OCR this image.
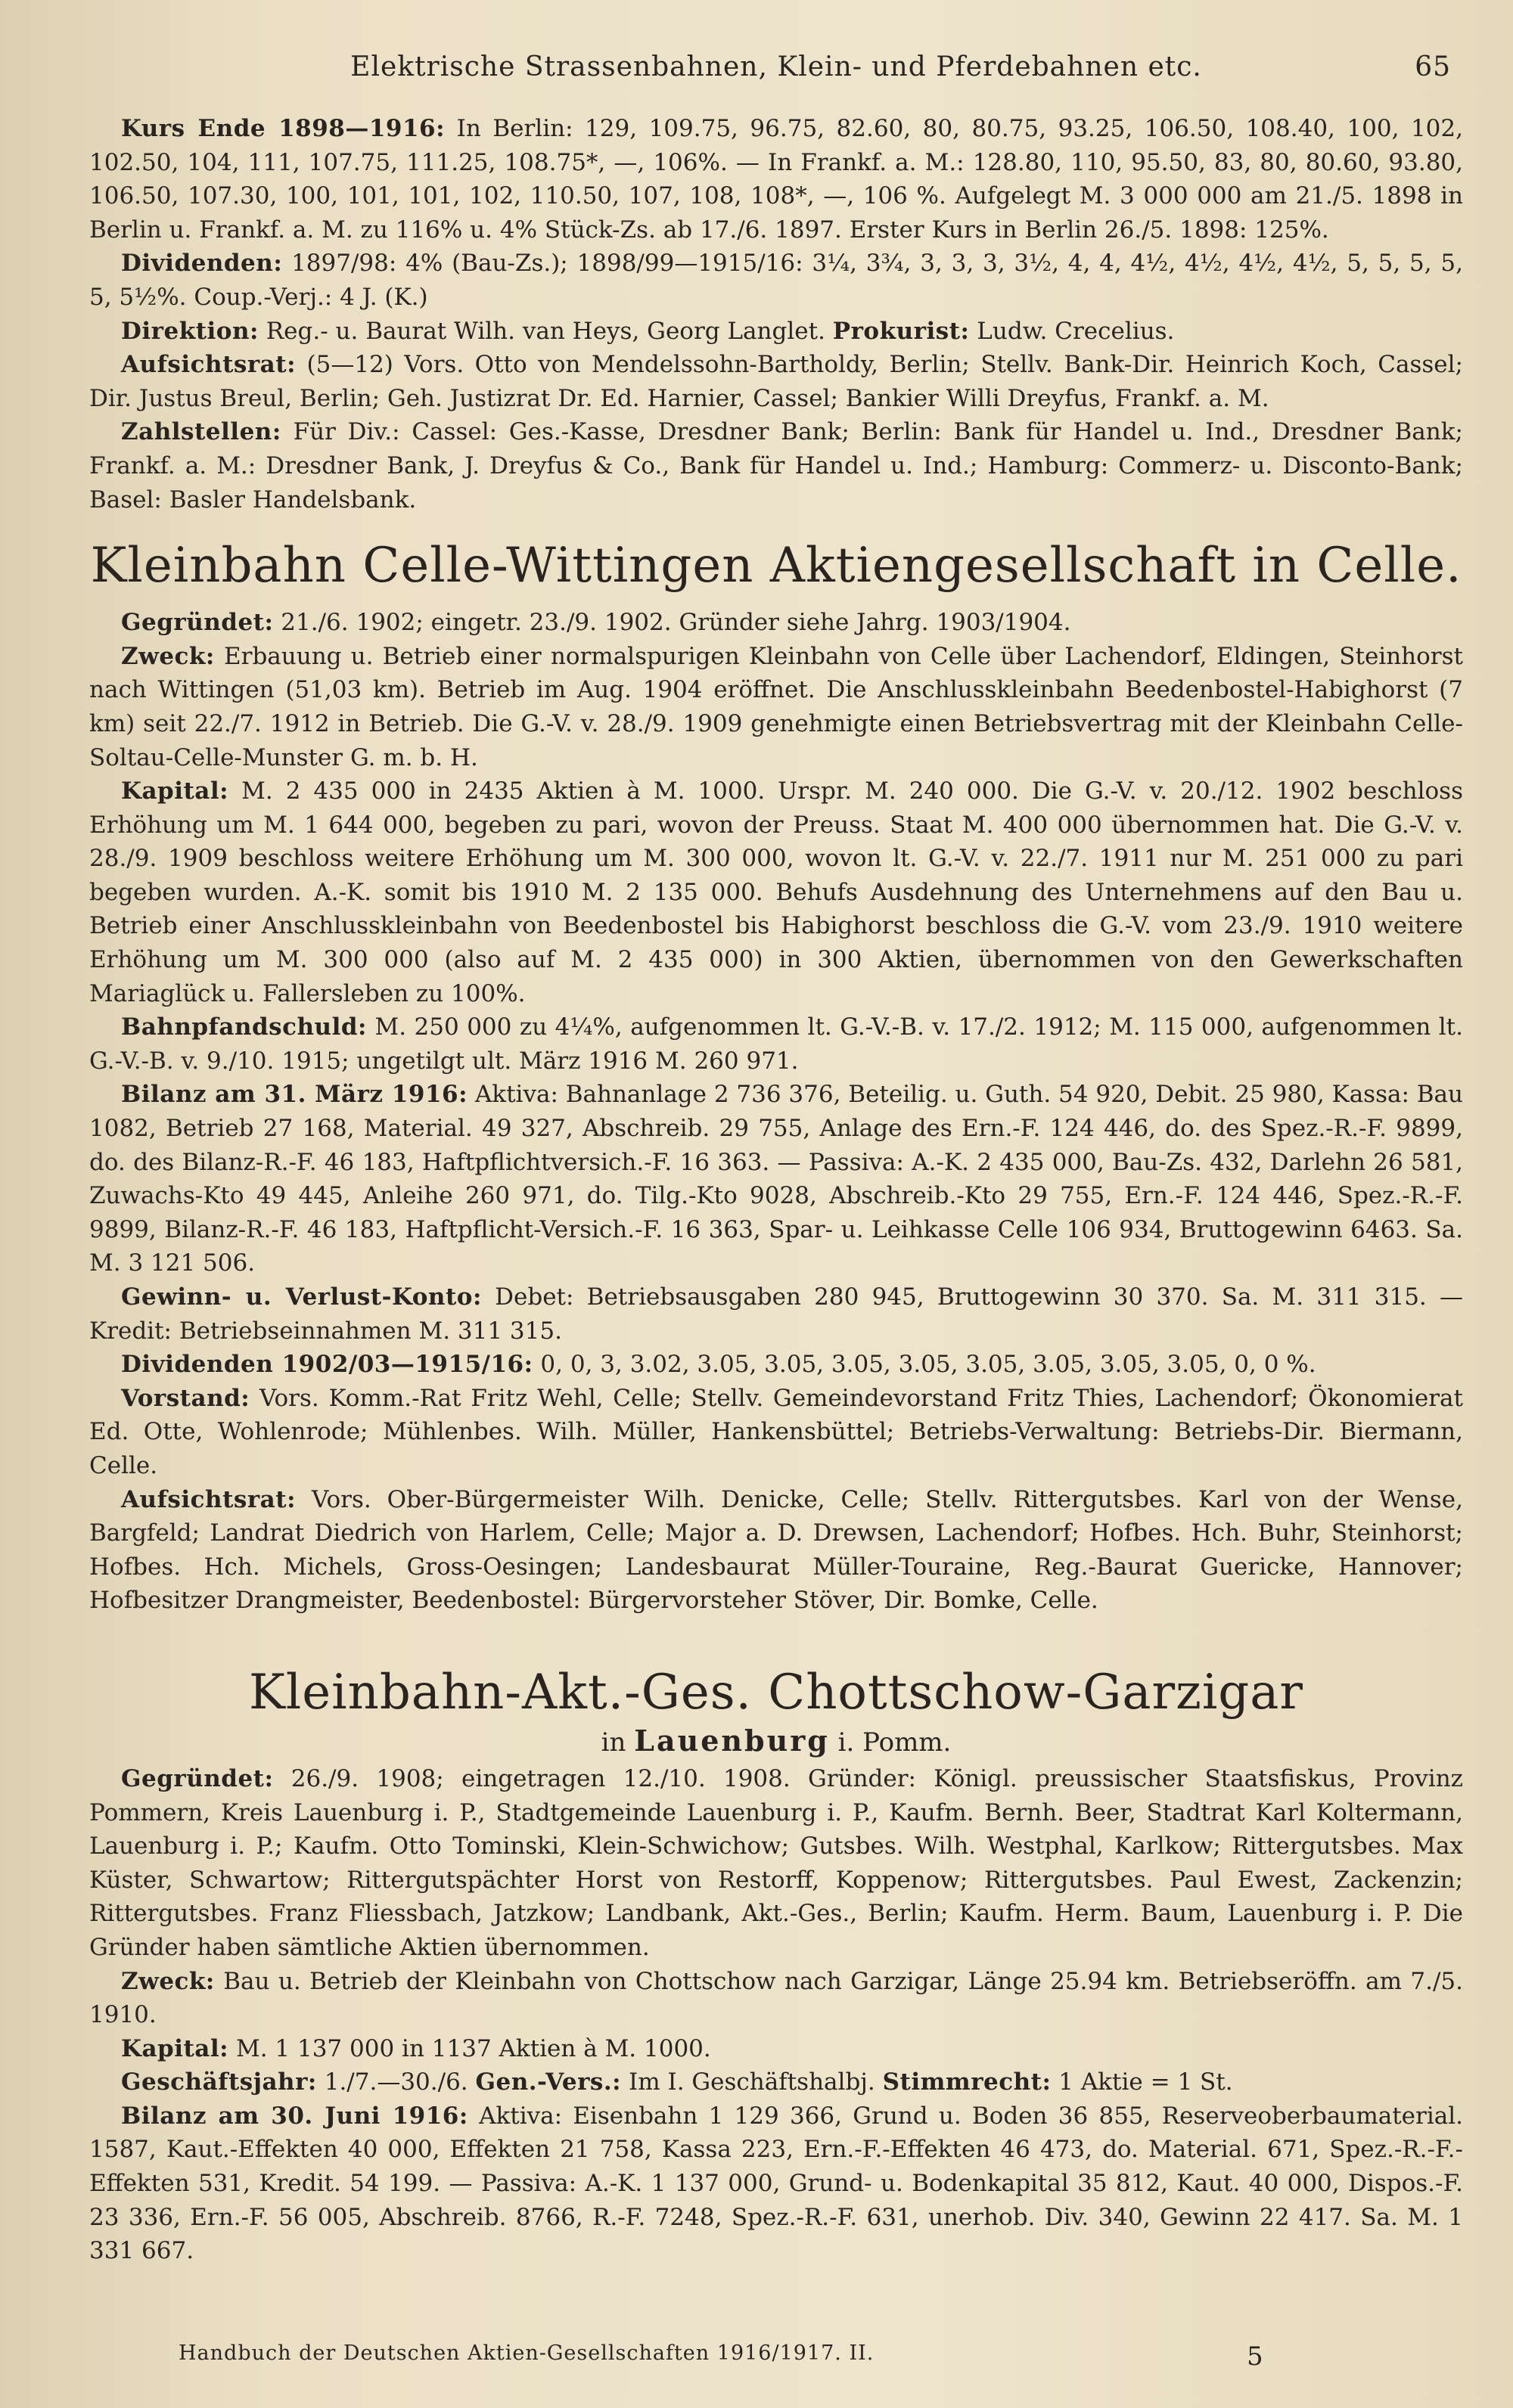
Elektrische Strassenbahnen, Klein- und Pferdebahnen etc.	65

Kurs Ende 1898—1916: In Berlin: 129, 109.75, 96.75, 82.60, 80, 80.75, 93.25, 106.50, 108.40, 100, 102, 102.50, 104, 111, 107.75, 111.25, 108.75*, —, 106%. — In Frankf. a. M.: 128.80, 110, 95.50, 83, 80, 80.60, 93.80, 106.50, 107.30, 100, 101, 101, 102, 110.50, 107, 108, 108*, —, 106 %. Aufgelegt M. 3 000 000 am 21./5. 1898 in Berlin u. Frankf. a. M. zu 116% u. 4% Stück-Zs. ab 17./6. 1897. Erster Kurs in Berlin 26./5. 1898: 125%.

Dividenden: 1897/98: 4% (Bau-Zs.); 1898/99—1915/16: 3¼, 3¾, 3, 3, 3, 3½, 4, 4, 4½, 4½, 4½, 4½, 5, 5, 5, 5, 5, 5½%. Coup.-Verj.: 4 J. (K.)

Direktion: Reg.- u. Baurat Wilh. van Heys, Georg Langlet. Prokurist: Ludw. Crecelius.

Aufsichtsrat: (5—12) Vors. Otto von Mendelssohn-Bartholdy, Berlin; Stellv. Bank-Dir. Heinrich Koch, Cassel; Dir. Justus Breul, Berlin; Geh. Justizrat Dr. Ed. Harnier, Cassel; Bankier Willi Dreyfus, Frankf. a. M.

Zahlstellen: Für Div.: Cassel: Ges.-Kasse, Dresdner Bank; Berlin: Bank für Handel u. Ind., Dresdner Bank; Frankf. a. M.: Dresdner Bank, J. Dreyfus & Co., Bank für Handel u. Ind.; Hamburg: Commerz- u. Disconto-Bank; Basel: Basler Handelsbank.

Kleinbahn Celle-Wittingen Aktiengesellschaft in Celle.

Gegründet: 21./6. 1902; eingetr. 23./9. 1902. Gründer siehe Jahrg. 1903/1904.

Zweck: Erbauung u. Betrieb einer normalspurigen Kleinbahn von Celle über Lachendorf, Eldingen, Steinhorst nach Wittingen (51,03 km). Betrieb im Aug. 1904 eröffnet. Die Anschlusskleinbahn Beedenbostel-Habighorst (7 km) seit 22./7. 1912 in Betrieb. Die G.-V. v. 28./9. 1909 genehmigte einen Betriebsvertrag mit der Kleinbahn Celle-Soltau-Celle-Munster G. m. b. H.

Kapital: M. 2 435 000 in 2435 Aktien à M. 1000. Urspr. M. 240 000. Die G.-V. v. 20./12. 1902 beschloss Erhöhung um M. 1 644 000, begeben zu pari, wovon der Preuss. Staat M. 400 000 übernommen hat. Die G.-V. v. 28./9. 1909 beschloss weitere Erhöhung um M. 300 000, wovon lt. G.-V. v. 22./7. 1911 nur M. 251 000 zu pari begeben wurden. A.-K. somit bis 1910 M. 2 135 000. Behufs Ausdehnung des Unternehmens auf den Bau u. Betrieb einer Anschlusskleinbahn von Beedenbostel bis Habighorst beschloss die G.-V. vom 23./9. 1910 weitere Erhöhung um M. 300 000 (also auf M. 2 435 000) in 300 Aktien, übernommen von den Gewerkschaften Mariaglück u. Fallersleben zu 100%.

Bahnpfandschuld: M. 250 000 zu 4¼%, aufgenommen lt. G.-V.-B. v. 17./2. 1912; M. 115 000, aufgenommen lt. G.-V.-B. v. 9./10. 1915; ungetilgt ult. März 1916 M. 260 971.

Bilanz am 31. März 1916: Aktiva: Bahnanlage 2 736 376, Beteilig. u. Guth. 54 920, Debit. 25 980, Kassa: Bau 1082, Betrieb 27 168, Material. 49 327, Abschreib. 29 755, Anlage des Ern.-F. 124 446, do. des Spez.-R.-F. 9899, do. des Bilanz-R.-F. 46 183, Haftpflichtversich.-F. 16 363. — Passiva: A.-K. 2 435 000, Bau-Zs. 432, Darlehn 26 581, Zuwachs-Kto 49 445, Anleihe 260 971, do. Tilg.-Kto 9028, Abschreib.-Kto 29 755, Ern.-F. 124 446, Spez.-R.-F. 9899, Bilanz-R.-F. 46 183, Haftpflicht-Versich.-F. 16 363, Spar- u. Leihkasse Celle 106 934, Bruttogewinn 6463. Sa. M. 3 121 506.

Gewinn- u. Verlust-Konto: Debet: Betriebsausgaben 280 945, Bruttogewinn 30 370. Sa. M. 311 315. — Kredit: Betriebseinnahmen M. 311 315.

Dividenden 1902/03—1915/16: 0, 0, 3, 3.02, 3.05, 3.05, 3.05, 3.05, 3.05, 3.05, 3.05, 3.05, 0, 0 %.

Vorstand: Vors. Komm.-Rat Fritz Wehl, Celle; Stellv. Gemeindevorstand Fritz Thies, Lachendorf; Ökonomierat Ed. Otte, Wohlenrode; Mühlenbes. Wilh. Müller, Hankensbüttel; Betriebs-Verwaltung: Betriebs-Dir. Biermann, Celle.

Aufsichtsrat: Vors. Ober-Bürgermeister Wilh. Denicke, Celle; Stellv. Rittergutsbes. Karl von der Wense, Bargfeld; Landrat Diedrich von Harlem, Celle; Major a. D. Drewsen, Lachendorf; Hofbes. Hch. Buhr, Steinhorst; Hofbes. Hch. Michels, Gross-Oesingen; Landesbaurat Müller-Touraine, Reg.-Baurat Guericke, Hannover; Hofbesitzer Drangmeister, Beedenbostel: Bürgervorsteher Stöver, Dir. Bomke, Celle.

Kleinbahn-Akt.-Ges. Chottschow-Garzigar
in Lauenburg i. Pomm.

Gegründet: 26./9. 1908; eingetragen 12./10. 1908. Gründer: Königl. preussischer Staatsfiskus, Provinz Pommern, Kreis Lauenburg i. P., Stadtgemeinde Lauenburg i. P., Kaufm. Bernh. Beer, Stadtrat Karl Koltermann, Lauenburg i. P.; Kaufm. Otto Tominski, Klein-Schwichow; Gutsbes. Wilh. Westphal, Karlkow; Rittergutsbes. Max Küster, Schwartow; Rittergutspächter Horst von Restorff, Koppenow; Rittergutsbes. Paul Ewest, Zackenzin; Rittergutsbes. Franz Fliessbach, Jatzkow; Landbank, Akt.-Ges., Berlin; Kaufm. Herm. Baum, Lauenburg i. P. Die Gründer haben sämtliche Aktien übernommen.

Zweck: Bau u. Betrieb der Kleinbahn von Chottschow nach Garzigar, Länge 25.94 km. Betriebseröffn. am 7./5. 1910.

Kapital: M. 1 137 000 in 1137 Aktien à M. 1000.

Geschäftsjahr: 1./7.—30./6. Gen.-Vers.: Im I. Geschäftshalbj. Stimmrecht: 1 Aktie = 1 St.

Bilanz am 30. Juni 1916: Aktiva: Eisenbahn 1 129 366, Grund u. Boden 36 855, Reserveoberbaumaterial. 1587, Kaut.-Effekten 40 000, Effekten 21 758, Kassa 223, Ern.-F.-Effekten 46 473, do. Material. 671, Spez.-R.-F.-Effekten 531, Kredit. 54 199. — Passiva: A.-K. 1 137 000, Grund- u. Bodenkapital 35 812, Kaut. 40 000, Dispos.-F. 23 336, Ern.-F. 56 005, Abschreib. 8766, R.-F. 7248, Spez.-R.-F. 631, unerhob. Div. 340, Gewinn 22 417. Sa. M. 1 331 667.

Handbuch der Deutschen Aktien-Gesellschaften 1916/1917. II.	5
